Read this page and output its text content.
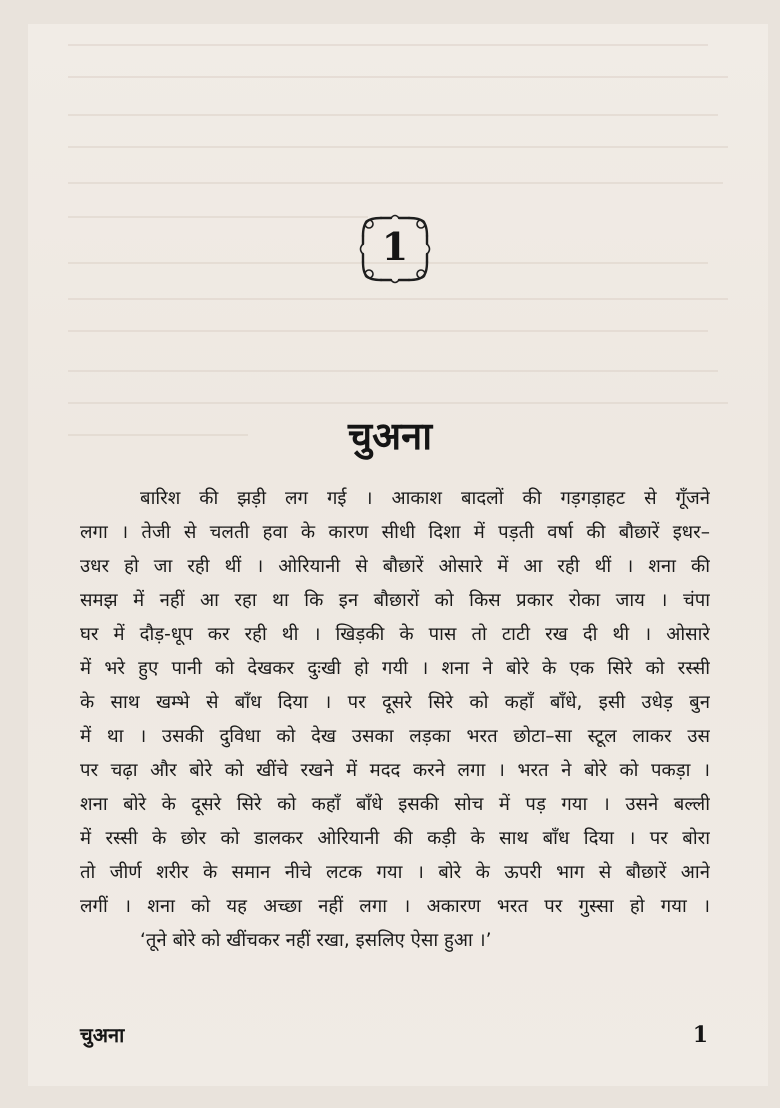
1
चुअना
बारिश की झड़ी लग गई । आकाश बादलों की गड़गड़ाहट से गूँजने
लगा । तेजी से चलती हवा के कारण सीधी दिशा में पड़ती वर्षा की बौछारें इधर–
उधर हो जा रही थीं । ओरियानी से बौछारें ओसारे में आ रही थीं । शना की
समझ में नहीं आ रहा था कि इन बौछारों को किस प्रकार रोका जाय । चंपा
घर में दौड़-धूप कर रही थी । खिड़की के पास तो टाटी रख दी थी । ओसारे
में भरे हुए पानी को देखकर दुःखी हो गयी । शना ने बोरे के एक सिरे को रस्सी
के साथ खम्भे से बाँध दिया । पर दूसरे सिरे को कहाँ बाँधे, इसी उधेड़ बुन
में था । उसकी दुविधा को देख उसका लड़का भरत छोटा–सा स्टूल लाकर उस
पर चढ़ा और बोरे को खींचे रखने में मदद करने लगा । भरत ने बोरे को पकड़ा ।
शना बोरे के दूसरे सिरे को कहाँ बाँधे इसकी सोच में पड़ गया । उसने बल्ली
में रस्सी के छोर को डालकर ओरियानी की कड़ी के साथ बाँध दिया । पर बोरा
तो जीर्ण शरीर के समान नीचे लटक गया । बोरे के ऊपरी भाग से बौछारें आने
लगीं । शना को यह अच्छा नहीं लगा । अकारण भरत पर गुस्सा हो गया ।
‘तूने बोरे को खींचकर नहीं रखा, इसलिए ऐसा हुआ ।’
चुअना	1
